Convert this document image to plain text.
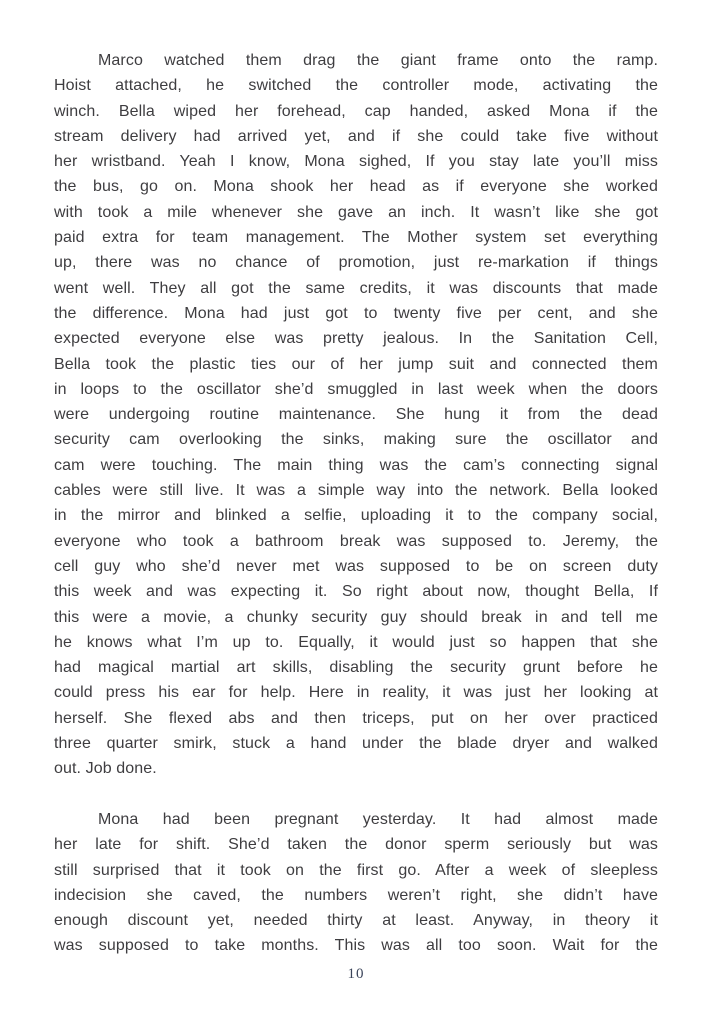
Marco watched them drag the giant frame onto the ramp.
Hoist attached, he switched the controller mode, activating the
winch. Bella wiped her forehead, cap handed, asked Mona if the
stream delivery had arrived yet, and if she could take five without
her wristband. Yeah I know, Mona sighed, If you stay late you’ll miss
the bus, go on. Mona shook her head as if everyone she worked
with took a mile whenever she gave an inch. It wasn’t like she got
paid extra for team management. The Mother system set everything
up, there was no chance of promotion, just re-markation if things
went well. They all got the same credits, it was discounts that made
the difference. Mona had just got to twenty five per cent, and she
expected everyone else was pretty jealous. In the Sanitation Cell,
Bella took the plastic ties our of her jump suit and connected them
in loops to the oscillator she’d smuggled in last week when the doors
were undergoing routine maintenance. She hung it from the dead
security cam overlooking the sinks, making sure the oscillator and
cam were touching. The main thing was the cam’s connecting signal
cables were still live. It was a simple way into the network. Bella looked
in the mirror and blinked a selfie, uploading it to the company social,
everyone who took a bathroom break was supposed to. Jeremy, the
cell guy who she’d never met was supposed to be on screen duty
this week and was expecting it. So right about now, thought Bella, If
this were a movie, a chunky security guy should break in and tell me
he knows what I’m up to. Equally, it would just so happen that she
had magical martial art skills, disabling the security grunt before he
could press his ear for help. Here in reality, it was just her looking at
herself. She flexed abs and then triceps, put on her over practiced
three quarter smirk, stuck a hand under the blade dryer and walked
out. Job done.
Mona had been pregnant yesterday. It had almost made
her late for shift. She’d taken the donor sperm seriously but was
still surprised that it took on the first go. After a week of sleepless
indecision she caved, the numbers weren’t right, she didn’t have
enough discount yet, needed thirty at least. Anyway, in theory it
was supposed to take months. This was all too soon. Wait for the
10
